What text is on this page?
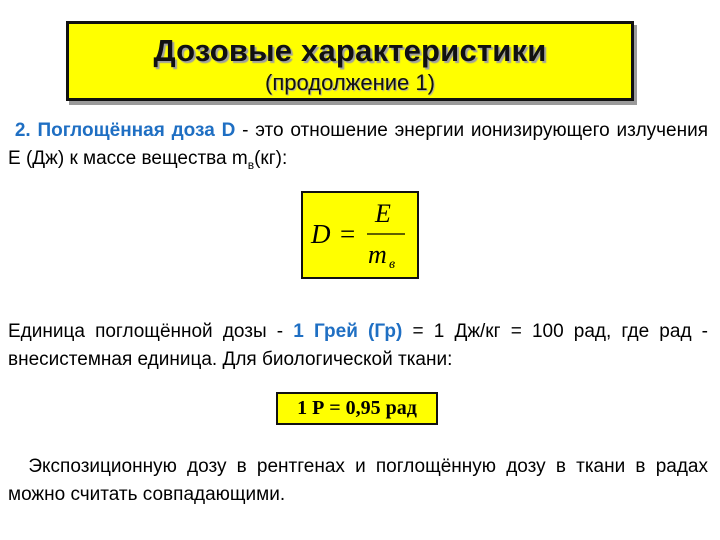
Дозовые характеристики
(продолжение 1)
2. Поглощённая доза D - это отношение энергии ионизирующего излучения Е (Дж) к массе вещества $m_в(кг)$:
D =
E
m в
Единица поглощённой дозы - 1 Грей (Гр) = 1 Дж/кг = 100 рад, где рад - внесистемная единица. Для биологической ткани:
1 Р = 0,95 рад
Экспозиционную дозу в рентгенах и поглощённую дозу в ткани в радах можно считать совпадающими.
